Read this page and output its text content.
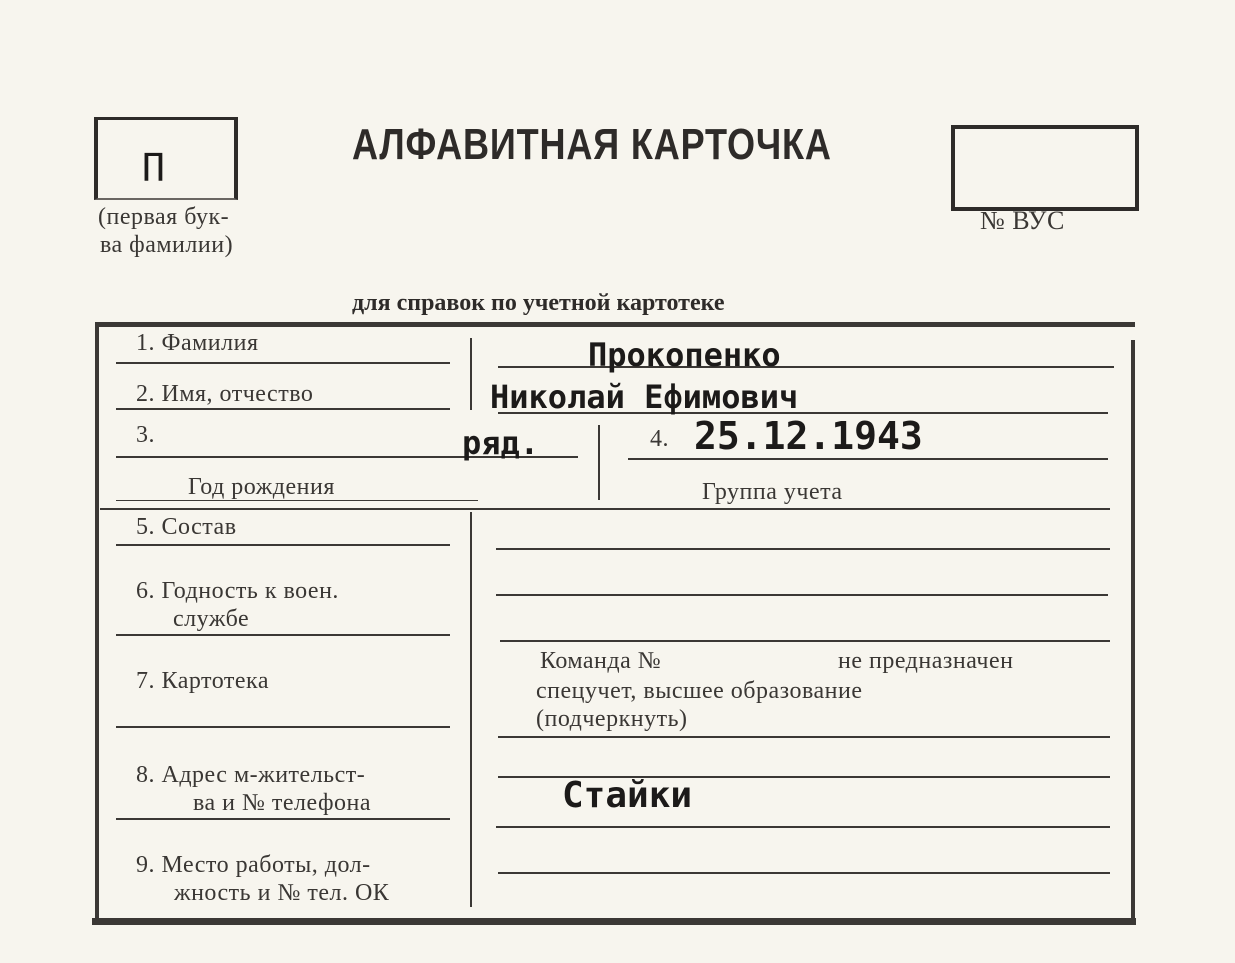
П
(первая бук-
ва фамилии)
АЛФАВИТНАЯ КАРТОЧКА
№ ВУС
для справок по учетной картотеке
1. Фамилия
2. Имя, отчество
3.
Год рождения
4.
Группа учета
5. Состав
6. Годность к воен.
службе
7. Картотека
8. Адрес м-жительст-
ва и № телефона
9. Место работы, дол-
жность и № тел. ОК
Команда №	не предназначен
спецучет, высшее образование
(подчеркнуть)
Прокопенко
Николай Ефимович
ряд.	25.12.1943
Стайки
